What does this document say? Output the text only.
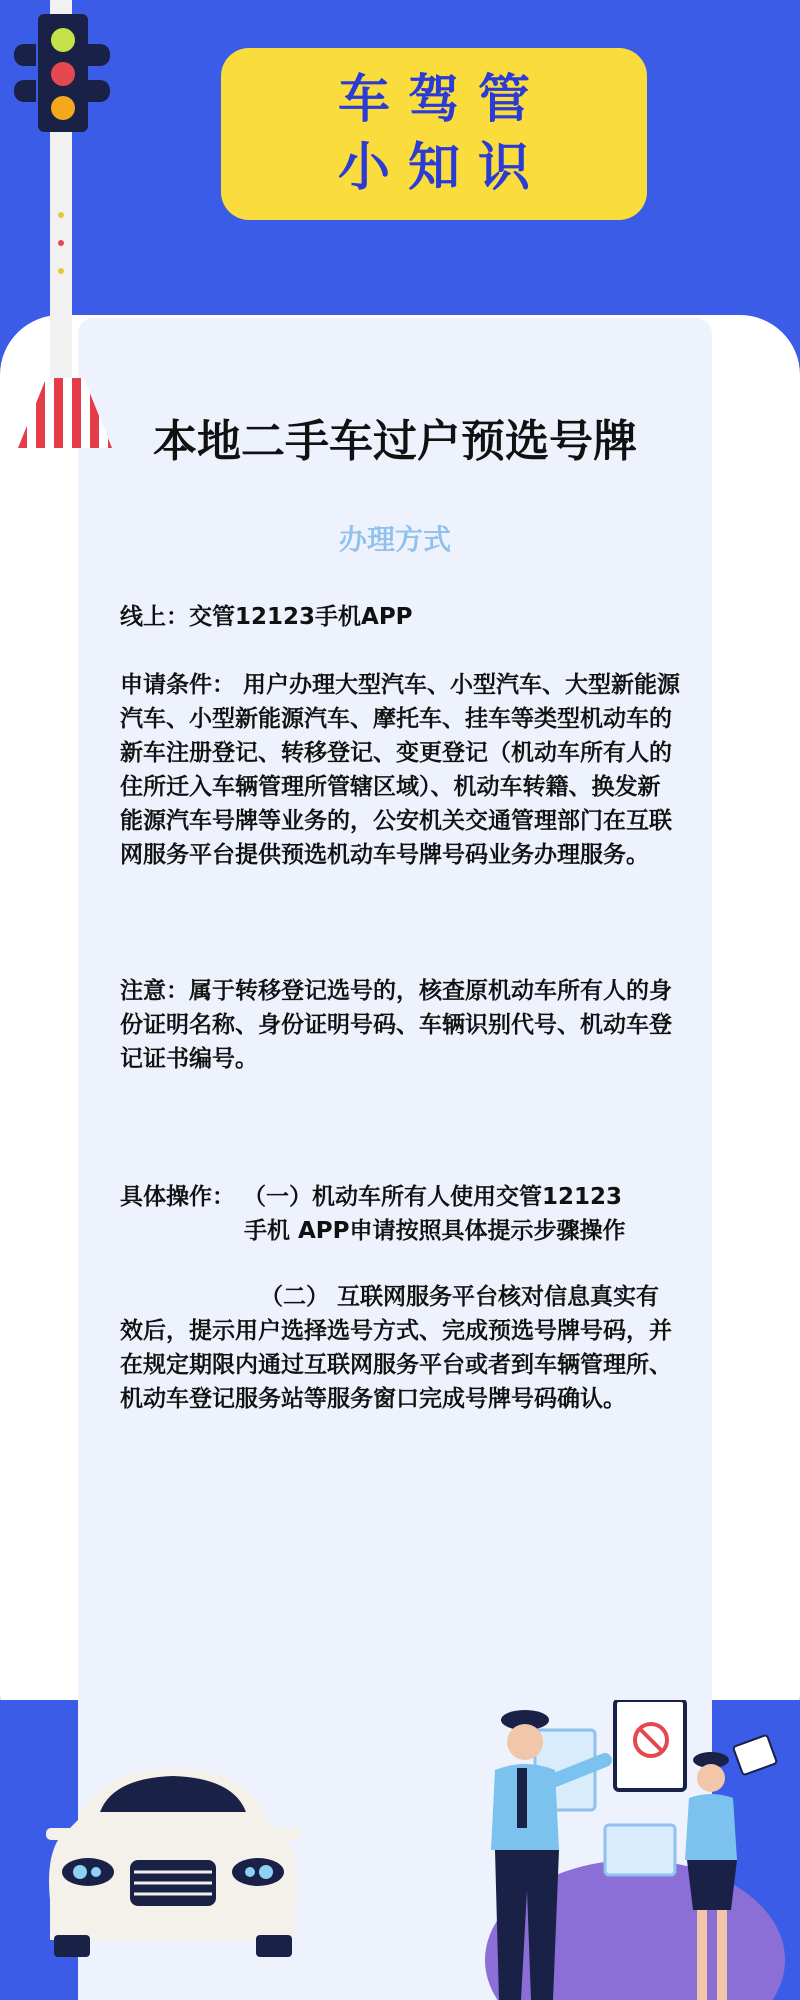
车驾管
小知识
本地二手车过户预选号牌
办理方式
线上：交管12123手机APP
申请条件： 用户办理大型汽车、小型汽车、大型新能源汽车、小型新能源汽车、摩托车、挂车等类型机动车的新车注册登记、转移登记、变更登记（机动车所有人的住所迁入车辆管理所管辖区域）、机动车转籍、换发新能源汽车号牌等业务的，公安机关交通管理部门在互联网服务平台提供预选机动车号牌号码业务办理服务。
注意：属于转移登记选号的，核查原机动车所有人的身份证明名称、身份证明号码、车辆识别代号、机动车登记证书编号。
具体操作： （一）机动车所有人使用交管12123
手机 APP申请按照具体提示步骤操作
（二） 互联网服务平台核对信息真实有效后，提示用户选择选号方式、完成预选号牌号码，并在规定期限内通过互联网服务平台或者到车辆管理所、机动车登记服务站等服务窗口完成号牌号码确认。
